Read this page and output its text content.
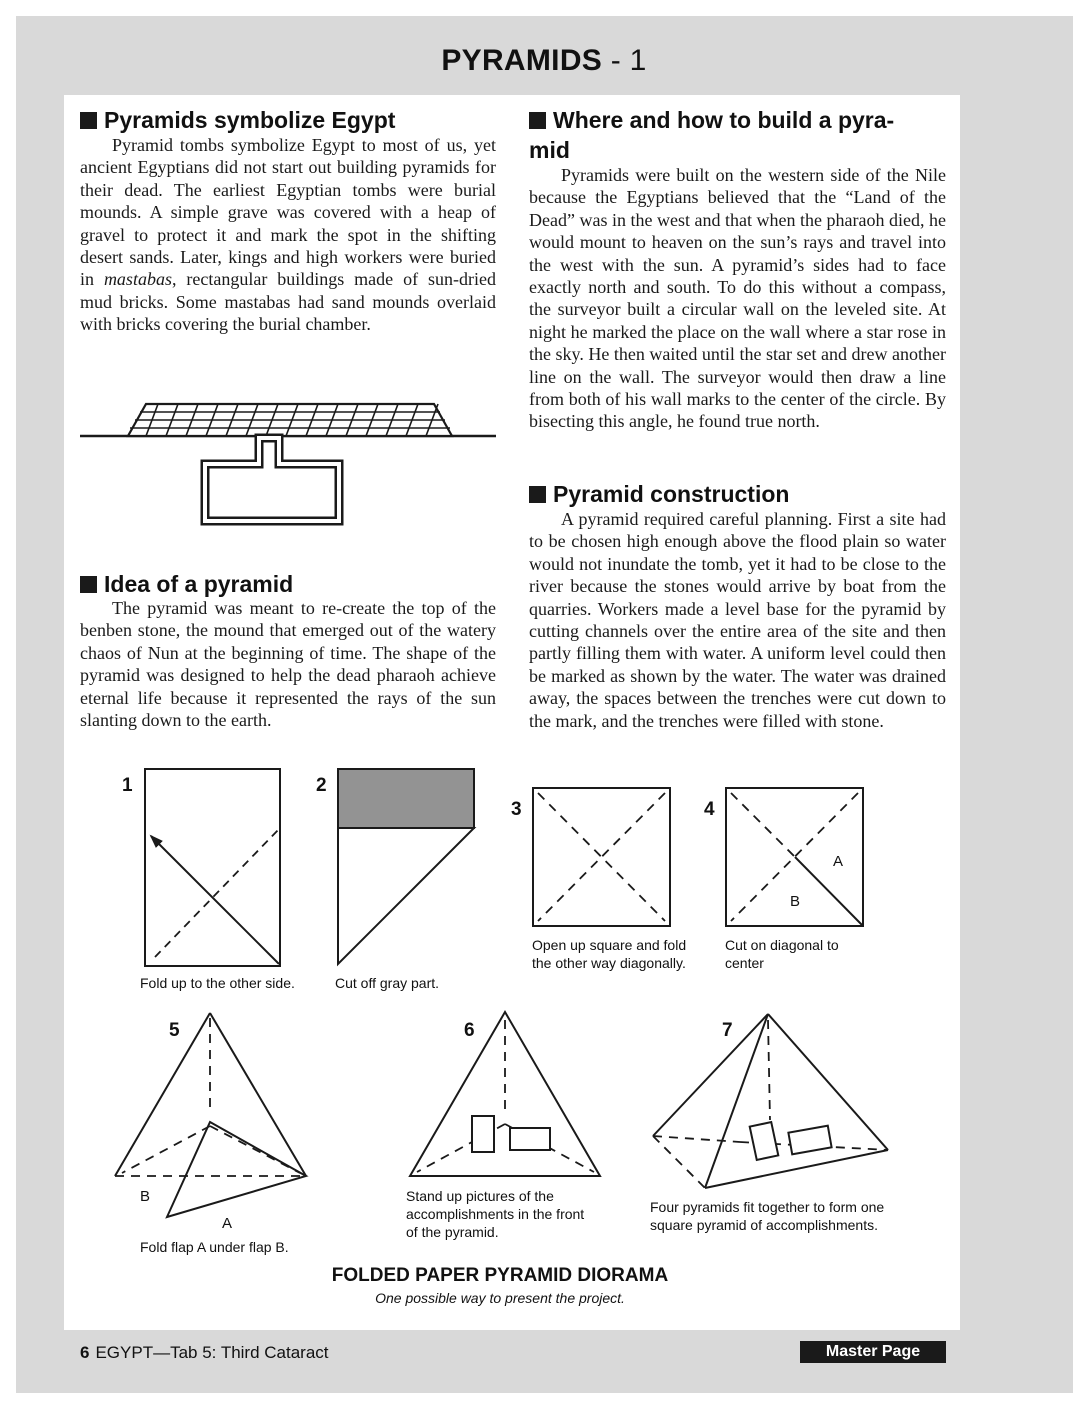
PYRAMIDS - 1
Pyramids symbolize Egypt

Pyramid tombs symbolize Egypt to most of us, yet ancient Egyptians did not start out building pyramids for their dead. The earliest Egyptian tombs were burial mounds. A simple grave was covered with a heap of gravel to protect it and mark the spot in the shifting desert sands. Later, kings and high workers were buried in mastabas, rectangular buildings made of sun-dried mud bricks. Some mastabas had sand mounds overlaid with bricks covering the burial chamber.

Idea of a pyramid

The pyramid was meant to re-create the top of the benben stone, the mound that emerged out of the watery chaos of Nun at the beginning of time. The shape of the pyramid was designed to help the dead pharaoh achieve eternal life because it represented the rays of the sun slanting down to the earth.

Where and how to build a pyra-
mid

Pyramids were built on the western side of the Nile because the Egyptians believed that the “Land of the Dead” was in the west and that when the pharaoh died, he would mount to heaven on the sun’s rays and travel into the west with the sun. A pyramid’s sides had to face exactly north and south. To do this without a compass, the surveyor built a circular wall on the leveled site. At night he marked the place on the wall where a star rose in the sky. He then waited until the star set and drew another line on the wall. The surveyor would then draw a line from both of his wall marks to the center of the circle. By bisecting this angle, he found true north.

Pyramid construction

A pyramid required careful planning. First a site had to be chosen high enough above the flood plain so water would not inundate the tomb, yet it had to be close to the river because the stones would arrive by boat from the quarries. Workers made a level base for the pyramid by cutting channels over the entire area of the site and then partly filling them with water. A uniform level could then be marked as shown by the water. The water was drained away, the spaces between the trenches were cut down to the mark, and the trenches were filled with stone.

1	2
3	4
5	6	7
A
B
B
A
Fold up to the other side.	Cut off gray part.
Open up square and fold the other way diagonally.
Cut on diagonal to center
Fold flap A under flap B.
Stand up pictures of the accomplishments in the front of the pyramid.
Four pyramids fit together to form one square pyramid of accomplishments.
FOLDED PAPER PYRAMID DIORAMA
One possible way to present the project.
6 EGYPT—Tab 5: Third Cataract	Master Page
